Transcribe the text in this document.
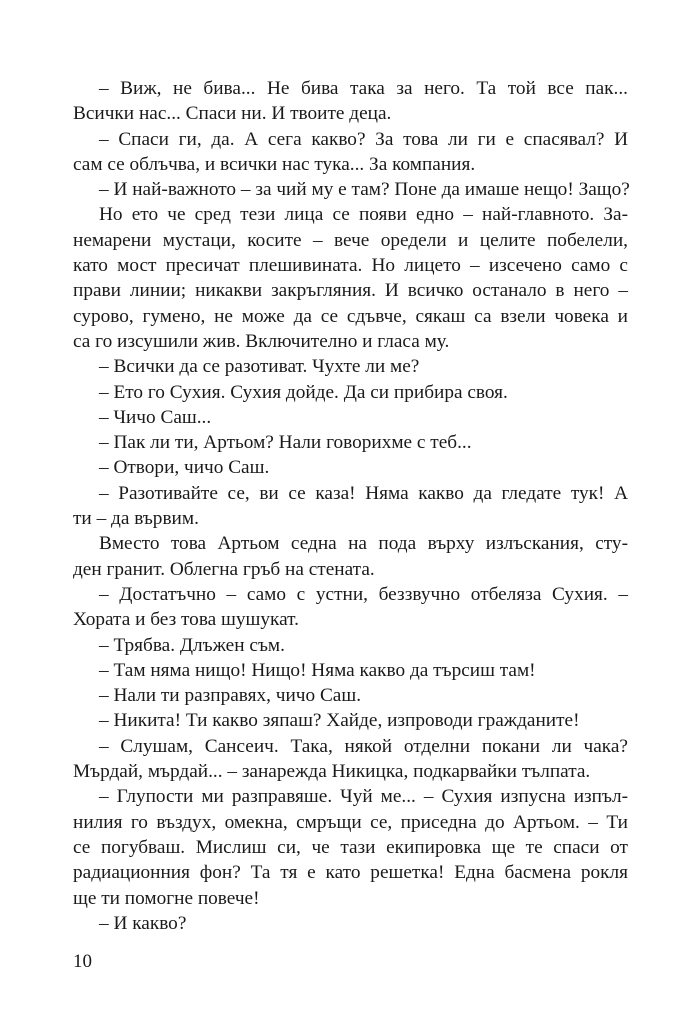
– Виж, не бива... Не бива така за него. Та той все пак...
Всички нас... Спаси ни. И твоите деца.
– Спаси ги, да. А сега какво? За това ли ги е спасявал? И
сам се облъчва, и всички нас тука... За компания.
– И най-важното – за чий му е там? Поне да имаше нещо! Защо?
Но ето че сред тези лица се появи едно – най-главното. За-
немарени мустаци, косите – вече оредели и целите побелели,
като мост пресичат плешивината. Но лицето – изсечено само с
прави линии; никакви закръгляния. И всичко останало в него –
сурово, гумено, не може да се сдъвче, сякаш са взели човека и
са го изсушили жив. Включително и гласа му.
– Всички да се разотиват. Чухте ли ме?
– Ето го Сухия. Сухия дойде. Да си прибира своя.
– Чичо Саш...
– Пак ли ти, Артьом? Нали говорихме с теб...
– Отвори, чичо Саш.
– Разотивайте се, ви се каза! Няма какво да гледате тук! А
ти – да вървим.
Вместо това Артьом седна на пода върху излъскания, сту-
ден гранит. Облегна гръб на стената.
– Достатъчно – само с устни, беззвучно отбеляза Сухия. –
Хората и без това шушукат.
– Трябва. Длъжен съм.
– Там няма нищо! Нищо! Няма какво да търсиш там!
– Нали ти разправях, чичо Саш.
– Никита! Ти какво зяпаш? Хайде, изпроводи гражданите!
– Слушам, Сансеич. Така, някой отделни покани ли чака?
Мърдай, мърдай... – занарежда Никицка, подкарвайки тълпата.
– Глупости ми разправяше. Чуй ме... – Сухия изпусна изпъл-
нилия го въздух, омекна, смръщи се, приседна до Артьом. – Ти
се погубваш. Мислиш си, че тази екипировка ще те спаси от
радиационния фон? Та тя е като решетка! Една басмена рокля
ще ти помогне повече!
– И какво?
10
